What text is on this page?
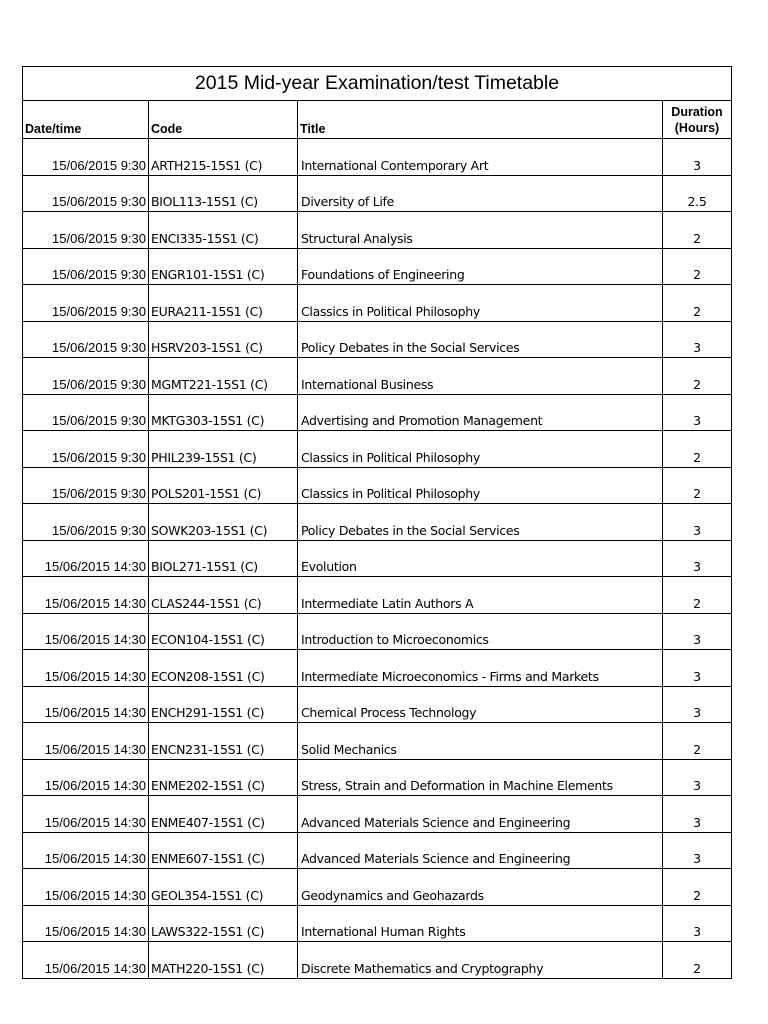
2015 Mid-year Examination/test Timetable			
Date/time	Code	Title	Duration
(Hours)
15/06/2015 9:30	ARTH215-15S1 (C)	International Contemporary Art	3
15/06/2015 9:30	BIOL113-15S1 (C)	Diversity of Life	2.5
15/06/2015 9:30	ENCI335-15S1 (C)	Structural Analysis	2
15/06/2015 9:30	ENGR101-15S1 (C)	Foundations of Engineering	2
15/06/2015 9:30	EURA211-15S1 (C)	Classics in Political Philosophy	2
15/06/2015 9:30	HSRV203-15S1 (C)	Policy Debates in the Social Services	3
15/06/2015 9:30	MGMT221-15S1 (C)	International Business	2
15/06/2015 9:30	MKTG303-15S1 (C)	Advertising and Promotion Management	3
15/06/2015 9:30	PHIL239-15S1 (C)	Classics in Political Philosophy	2
15/06/2015 9:30	POLS201-15S1 (C)	Classics in Political Philosophy	2
15/06/2015 9:30	SOWK203-15S1 (C)	Policy Debates in the Social Services	3
15/06/2015 14:30	BIOL271-15S1 (C)	Evolution	3
15/06/2015 14:30	CLAS244-15S1 (C)	Intermediate Latin Authors A	2
15/06/2015 14:30	ECON104-15S1 (C)	Introduction to Microeconomics	3
15/06/2015 14:30	ECON208-15S1 (C)	Intermediate Microeconomics - Firms and Markets	3
15/06/2015 14:30	ENCH291-15S1 (C)	Chemical Process Technology	3
15/06/2015 14:30	ENCN231-15S1 (C)	Solid Mechanics	2
15/06/2015 14:30	ENME202-15S1 (C)	Stress, Strain and Deformation in Machine Elements	3
15/06/2015 14:30	ENME407-15S1 (C)	Advanced Materials Science and Engineering	3
15/06/2015 14:30	ENME607-15S1 (C)	Advanced Materials Science and Engineering	3
15/06/2015 14:30	GEOL354-15S1 (C)	Geodynamics and Geohazards	2
15/06/2015 14:30	LAWS322-15S1 (C)	International Human Rights	3
15/06/2015 14:30	MATH220-15S1 (C)	Discrete Mathematics and Cryptography	2
